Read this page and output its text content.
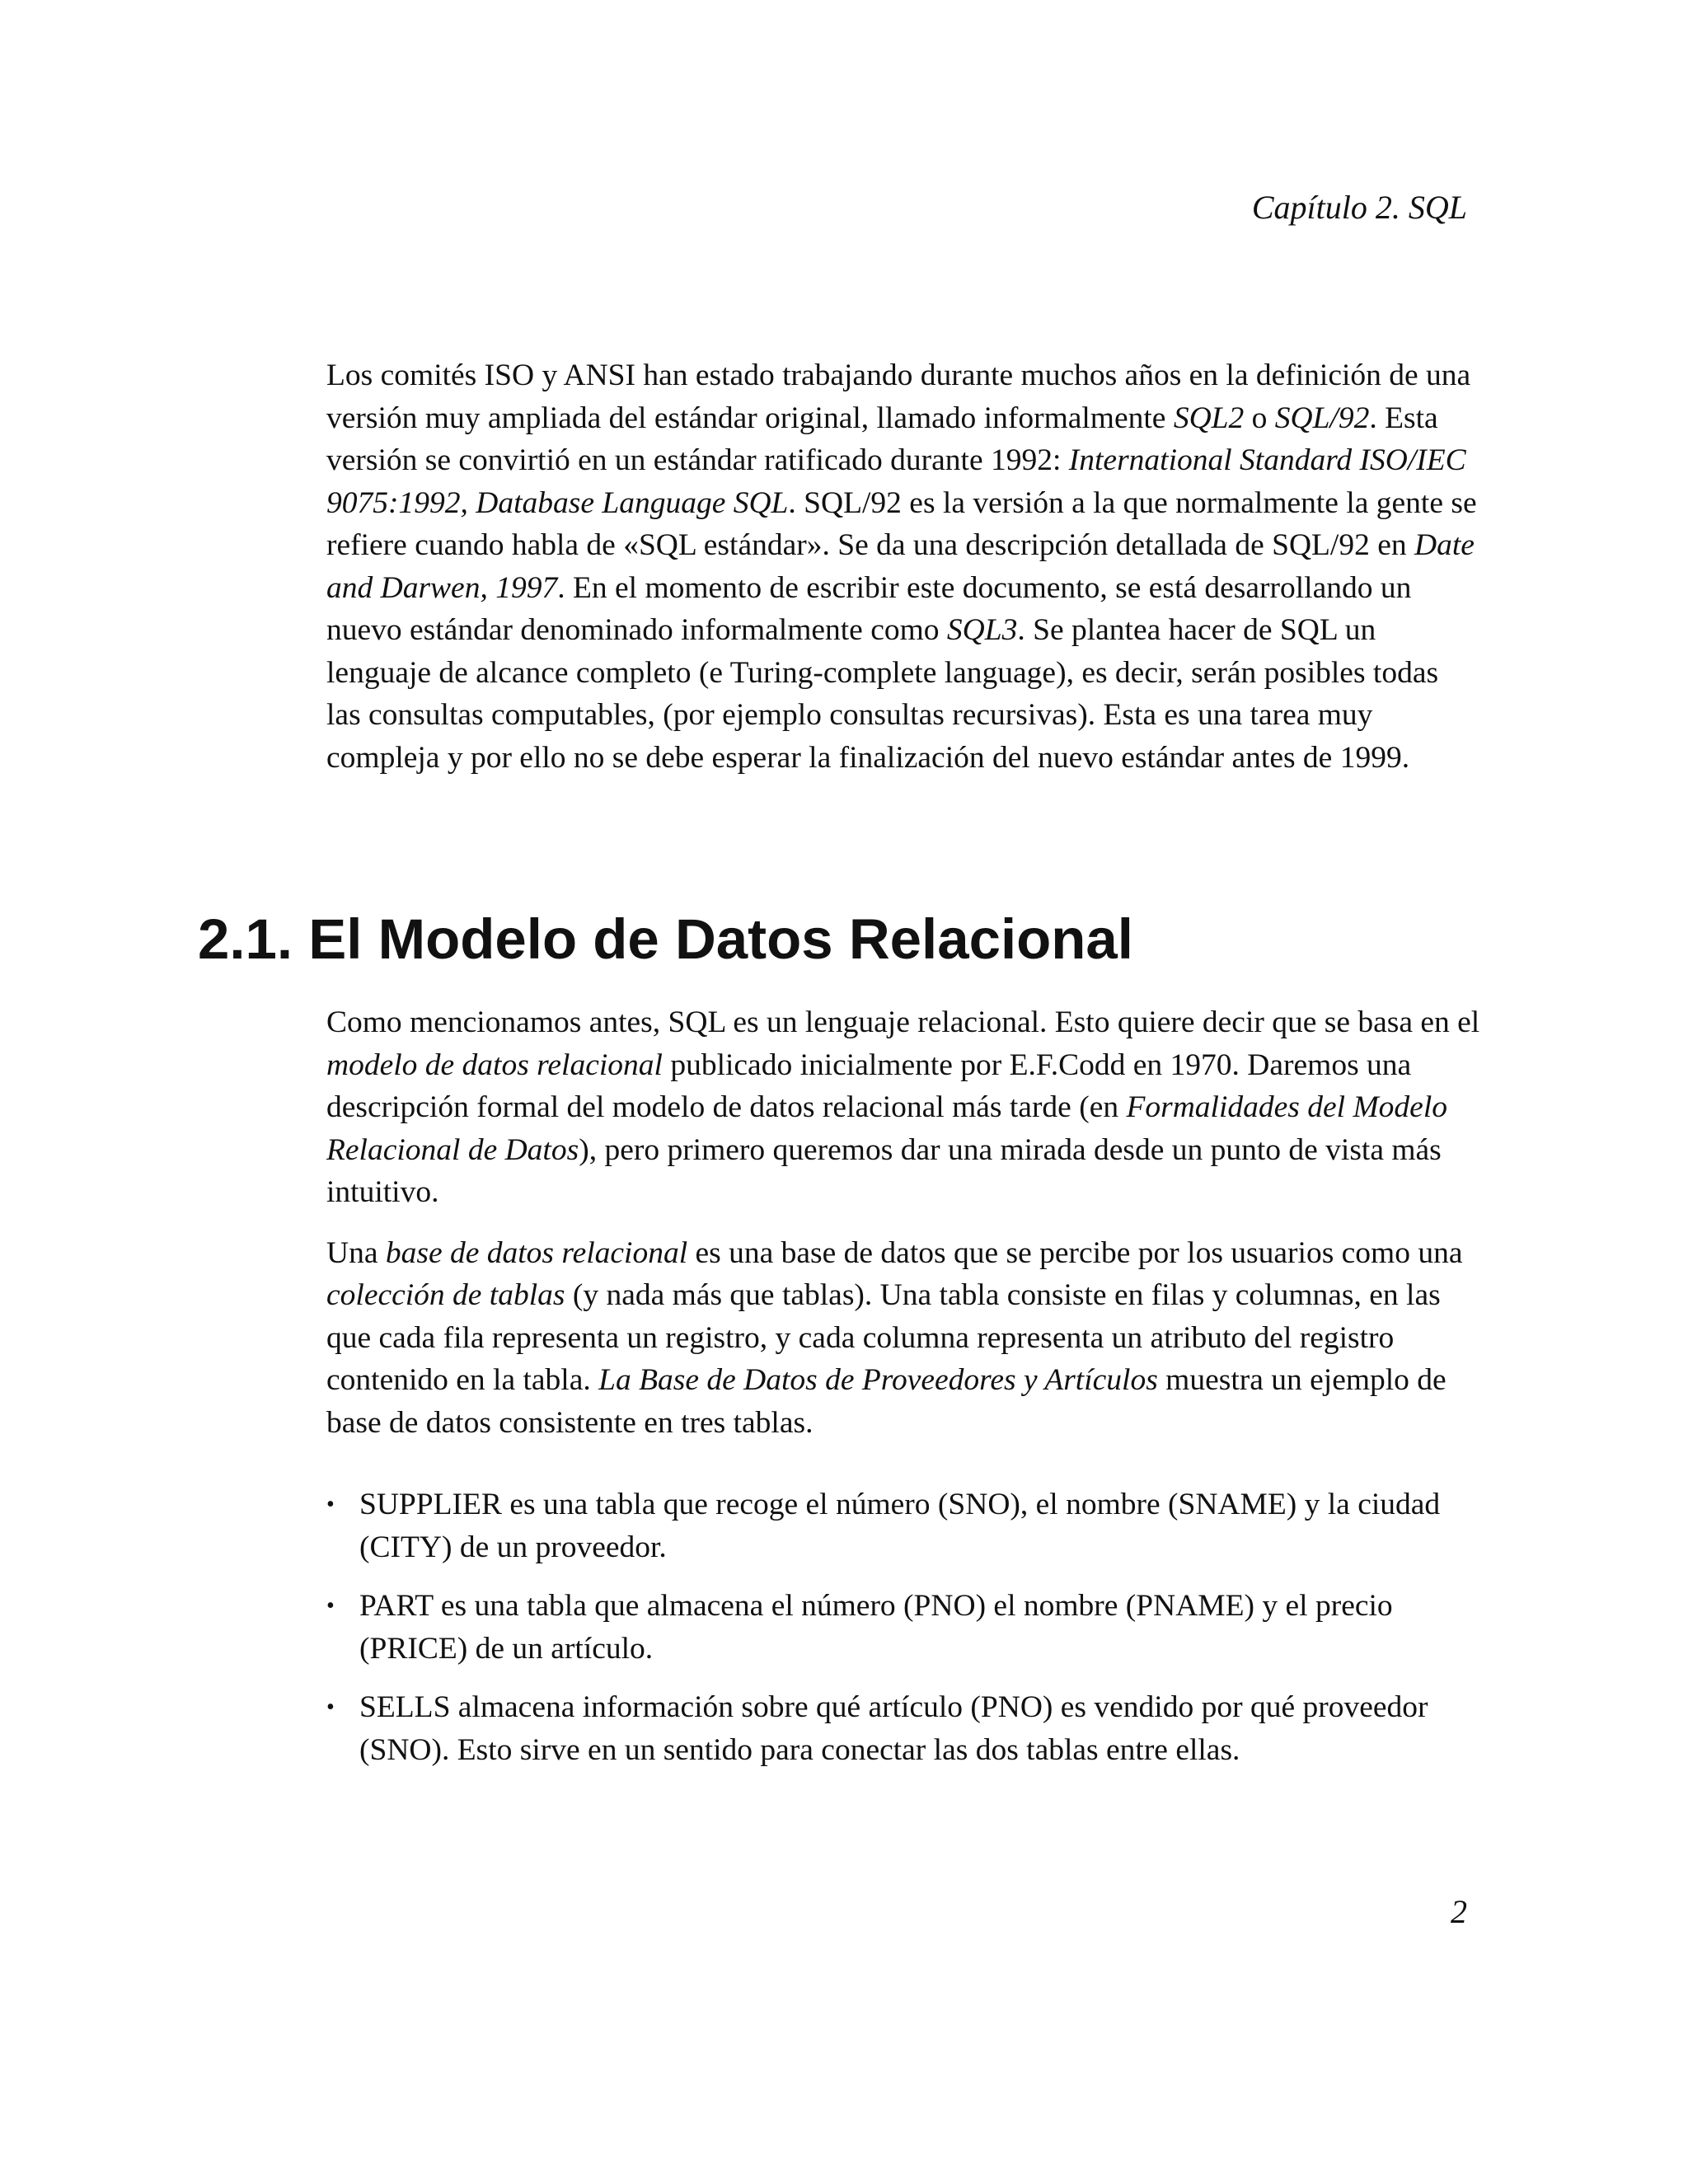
Capítulo 2. SQL

Los comités ISO y ANSI han estado trabajando durante muchos años en la definición de una versión muy ampliada del estándar original, llamado informalmente SQL2 o SQL/92. Esta versión se convirtió en un estándar ratificado durante 1992: International Standard ISO/IEC 9075:1992, Database Language SQL. SQL/92 es la versión a la que normalmente la gente se refiere cuando habla de «SQL estándar». Se da una descripción detallada de SQL/92 en Date and Darwen, 1997. En el momento de escribir este documento, se está desarrollando un nuevo estándar denominado informalmente como SQL3. Se plantea hacer de SQL un lenguaje de alcance completo (e Turing-complete language), es decir, serán posibles todas las consultas computables, (por ejemplo consultas recursivas). Esta es una tarea muy compleja y por ello no se debe esperar la finalización del nuevo estándar antes de 1999.

2.1. El Modelo de Datos Relacional

Como mencionamos antes, SQL es un lenguaje relacional. Esto quiere decir que se basa en el modelo de datos relacional publicado inicialmente por E.F.Codd en 1970. Daremos una descripción formal del modelo de datos relacional más tarde (en Formalidades del Modelo Relacional de Datos), pero primero queremos dar una mirada desde un punto de vista más intuitivo.

Una base de datos relacional es una base de datos que se percibe por los usuarios como una colección de tablas (y nada más que tablas). Una tabla consiste en filas y columnas, en las que cada fila representa un registro, y cada columna representa un atributo del registro contenido en la tabla. La Base de Datos de Proveedores y Artículos muestra un ejemplo de base de datos consistente en tres tablas.

• SUPPLIER es una tabla que recoge el número (SNO), el nombre (SNAME) y la ciudad (CITY) de un proveedor.
• PART es una tabla que almacena el número (PNO) el nombre (PNAME) y el precio (PRICE) de un artículo.
• SELLS almacena información sobre qué artículo (PNO) es vendido por qué proveedor (SNO). Esto sirve en un sentido para conectar las dos tablas entre ellas.
2
